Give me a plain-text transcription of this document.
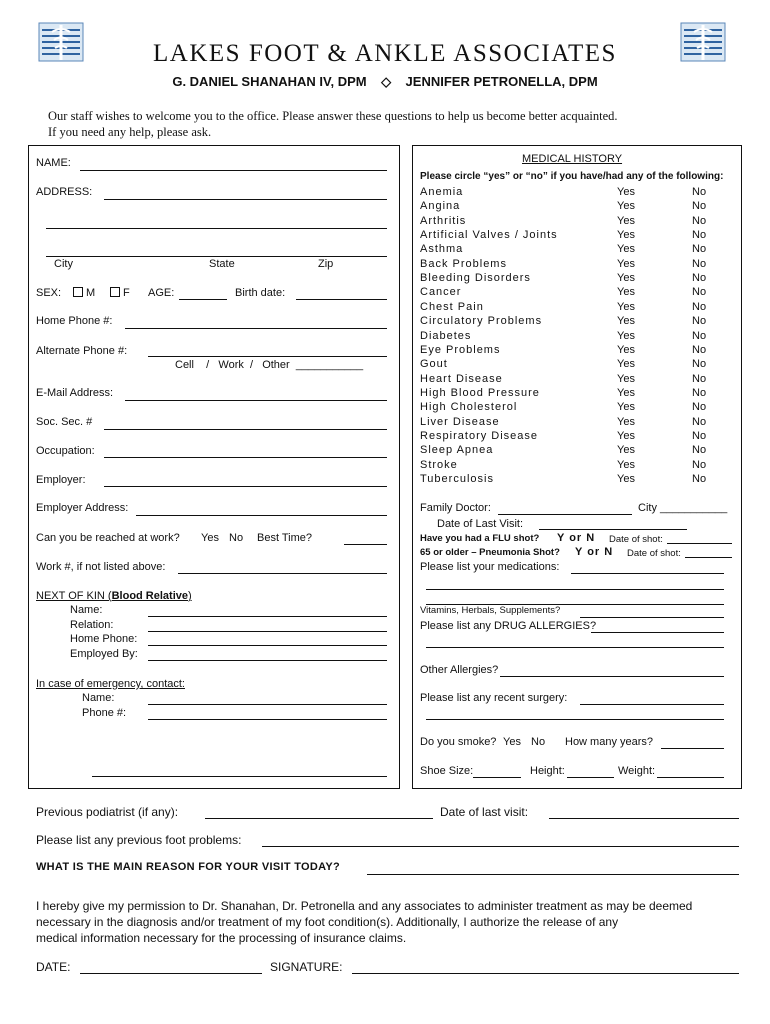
LAKES FOOT & ANKLE ASSOCIATES
G. DANIEL SHANAHAN IV, DPM ◇ JENNIFER PETRONELLA, DPM
Our staff wishes to welcome you to the office. Please answer these questions to help us become better acquainted.
If you need any help, please ask.
NAME:
ADDRESS:
City	State	Zip
SEX:	M	F AGE:	Birth date:
Home Phone #:
Alternate Phone #:
Cell    /   Work  /   Other  ___________
E-Mail Address:
Soc. Sec. #
Occupation:
Employer:
Employer Address:
Can you be reached at work? Yes No Best Time?
Work #, if not listed above:
NEXT OF KIN (Blood Relative)
Name:
Relation:
Home Phone:
Employed By:
In case of emergency, contact:
Name:
Phone #:
MEDICAL HISTORY
Please circle “yes” or “no” if you have/had any of the following:
Anemia	Yes	No
Angina	Yes	No
Arthritis	Yes	No
Artificial Valves / Joints	Yes	No
Asthma	Yes	No
Back Problems	Yes	No
Bleeding Disorders	Yes	No
Cancer	Yes	No
Chest Pain	Yes	No
Circulatory Problems	Yes	No
Diabetes	Yes	No
Eye Problems	Yes	No
Gout	Yes	No
Heart Disease	Yes	No
High Blood Pressure	Yes	No
High Cholesterol	Yes	No
Liver Disease	Yes	No
Respiratory Disease	Yes	No
Sleep Apnea	Yes	No
Stroke	Yes	No
Tuberculosis	Yes	No
Family Doctor:	City ___________
Date of Last Visit:
Have you had a FLU shot? Y or N Date of shot:
65 or older – Pneumonia Shot? Y or N Date of shot:
Please list your medications:
Vitamins, Herbals, Supplements?
Please list any DRUG ALLERGIES?
Other Allergies?
Please list any recent surgery:
Do you smoke? Yes No How many years?
Shoe Size:	Height:	Weight:
Previous podiatrist (if any):	Date of last visit:
Please list any previous foot problems:
WHAT IS THE MAIN REASON FOR YOUR VISIT TODAY?
I hereby give my permission to Dr. Shanahan, Dr. Petronella and any associates to administer treatment as may be deemed
necessary in the diagnosis and/or treatment of my foot condition(s). Additionally, I authorize the release of any
medical information necessary for the processing of insurance claims.
DATE:	SIGNATURE:
